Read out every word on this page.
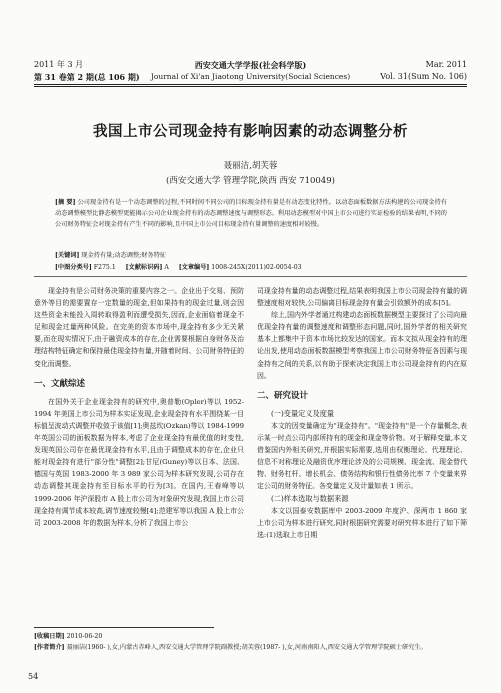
2011 年 3 月
第 31 卷第 2 期(总 106 期)
西安交通大学学报(社会科学版)
Journal of Xi'an Jiaotong University(Social Sciences)
Mar. 2011
Vol. 31(Sum No. 106)
我国上市公司现金持有影响因素的动态调整分析
聂丽洁,胡芙蓉
(西安交通大学 管理学院,陕西 西安 710049)
[摘 要] 公司现金持有是一个动态调整的过程,不同时间不同公司的目标现金持有量是有动态变化特性。以动态面板数据方法构建的公司现金持有动态调整模型比静态模型更能揭示公司企业现金持有的动态调整速度与调整形态。利用动态模型对中国上市公司进行实证检验的结果表明,不同的公司财务特征会对现金持有产生不同的影响,且中国上市公司目标现金持有量调整的速度相对较慢。
[关键词] 现金持有量;动态调整;财务特征
[中图分类号] F275.1 [文献标识码] A [文章编号] 1008-245X(2011)02-0054-03

现金持有是公司财务决策的重要内容之一。企业出于交易、预防意外等目的需要置存一定数量的现金,但如果持有的现金过量,则会因这些资金未能投入周转取得盈利而遭受损失,因而,企业面临着现金不足和现金过量两种风险。在完美的资本市场中,现金持有多少无关紧要,而在现实情况下,由于融资成本的存在,企业需要根据自身财务及治理结构特征确定和保持最佳现金持有量,并随着时间、公司财务特征的变化而调整。

一、文献综述

在国外关于企业现金持有的研究中,奥普勒(Opler)等以 1952-1994 年美国上市公司为样本实证发现,企业现金持有水平围绕某一目标值呈波动式调整并收敛于该值[1];奥兹坎(Ozkan)等以 1984-1999 年英国公司的面板数据为样本,考虑了企业现金持有最优值的时变性,发现英国公司存在最优现金持有水平,且由于调整成本的存在,企业只能对现金持有进行"部分性"调整[2];甘尼(Guney)等以日本、法国、德国与英国 1983-2000 年 3 989 家公司为样本研究发现,公司存在动态调整其现金持有至目标水平的行为[3]。在国内,王春峰等以 1999-2006 年沪深股市 A 股上市公司为对象研究发现,我国上市公司现金持有调节成本较高,调节速度较慢[4];范建军等以我国 A 股上市公司 2003-2008 年的数据为样本,分析了我国上市公

司现金持有量的动态调整过程,结果表明我国上市公司现金持有量的调整速度相对较快,公司偏离目标现金持有量会引致额外的成本[5]。

综上,国内外学者通过构建动态面板数据模型主要探讨了公司向最优现金持有量的调整速度和调整形态问题,同时,国外学者的相关研究基本上都集中于资本市场比较发达的国家。而本文拟从现金持有的理论出发,使用动态面板数据模型考察我国上市公司财务特征各因素与现金持有之间的关系,以有助于探索决定我国上市公司现金持有的内在原因。

二、研究设计
(一)变量定义及度量

本文的因变量确定为"现金持有"。"现金持有"是一个存量概念,表示某一时点公司内部所持有的现金和现金等价物。对于解释变量,本文借鉴国内外相关研究,并根据实际需要,选用由权衡理论、代理理论、信息不对称理论及融资优序理论涉及的公司规模、现金流、现金替代物、财务杠杆、增长机会、债务结构和银行性债务比率 7 个变量来界定公司的财务特征。各变量定义及计量如表 1 所示。

(二)样本选取与数据来源

本文以国泰安数据库中 2003-2009 年度沪、深两市 1 860 家上市公司为样本进行研究,同时根据研究需要对研究样本进行了如下筛选:(1)选取上市日期

[收稿日期] 2010-06-20
[作者简介] 聂丽洁(1960- ),女,内蒙古赤峰人,西安交通大学管理学院副教授;胡芙蓉(1987- ),女,河南南阳人,西安交通大学管理学院硕士研究生。
54
